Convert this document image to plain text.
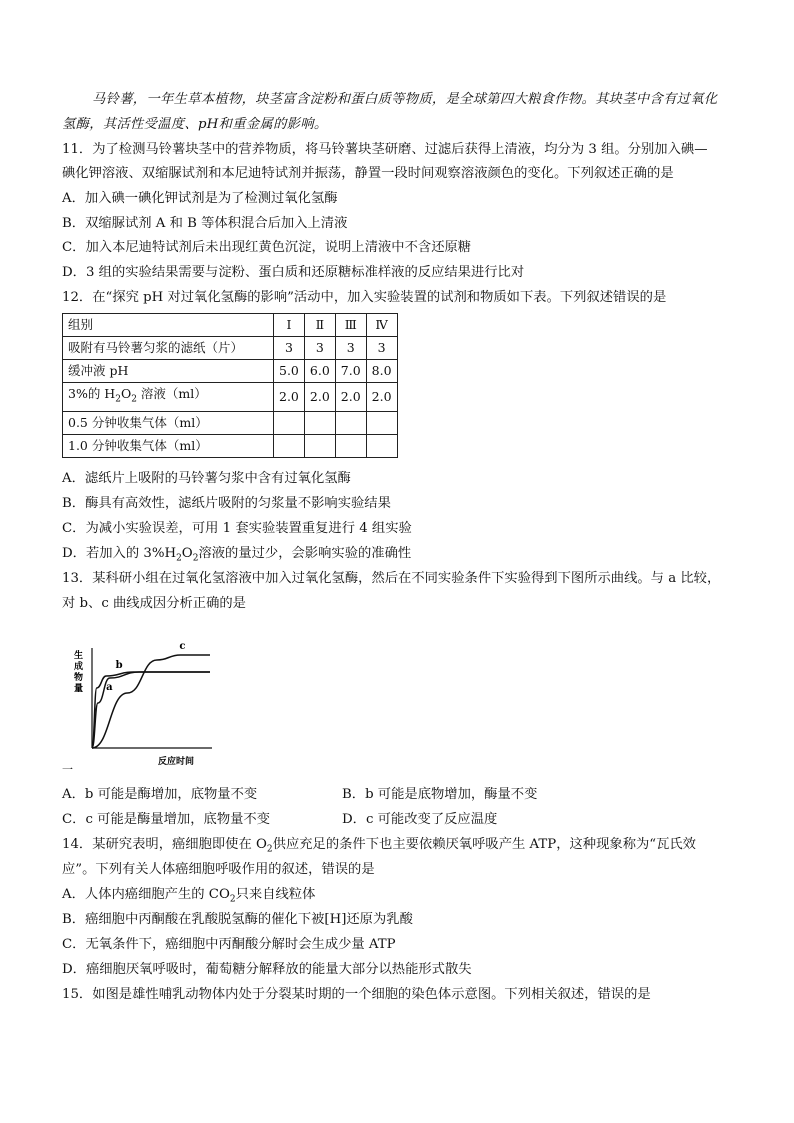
马铃薯，一年生草本植物，块茎富含淀粉和蛋白质等物质，是全球第四大粮食作物。其块茎中含有过氧化
氢酶，其活性受温度、pH和重金属的影响。
11．为了检测马铃薯块茎中的营养物质，将马铃薯块茎研磨、过滤后获得上清液，均分为 3 组。分别加入碘—
碘化钾溶液、双缩脲试剂和本尼迪特试剂并振荡，静置一段时间观察溶液颜色的变化。下列叙述正确的是
A．加入碘一碘化钾试剂是为了检测过氧化氢酶
B．双缩脲试剂 A 和 B 等体积混合后加入上清液
C．加入本尼迪特试剂后未出现红黄色沉淀，说明上清液中不含还原糖
D．3 组的实验结果需要与淀粉、蛋白质和还原糖标准样液的反应结果进行比对
12．在“探究 pH 对过氧化氢酶的影响”活动中，加入实验装置的试剂和物质如下表。下列叙述错误的是
组别	Ⅰ	Ⅱ	Ⅲ	Ⅳ
吸附有马铃薯匀浆的滤纸（片）	3	3	3	3
缓冲液 pH	5.0	6.0	7.0	8.0
3%的 $H_2O_2$ 溶液（ml）	2.0	2.0	2.0	2.0
0.5 分钟收集气体（ml）				
1.0 分钟收集气体（ml）				
A．滤纸片上吸附的马铃薯匀浆中含有过氧化氢酶
B．酶具有高效性，滤纸片吸附的匀浆量不影响实验结果
C．为减小实验误差，可用 1 套实验装置重复进行 4 组实验
D．若加入的 $3\%H_2O_2$溶液的量过少，会影响实验的准确性
13．某科研小组在过氧化氢溶液中加入过氧化氢酶，然后在不同实验条件下实验得到下图所示曲线。与 a 比较，
对 b、c 曲线成因分析正确的是
生
成
物
量
反应时间
a
b
c
一
A．b 可能是酶增加，底物量不变	B．b 可能是底物增加，酶量不变
C．c 可能是酶量增加，底物量不变	D．c 可能改变了反应温度
14．某研究表明，癌细胞即使在 $O_2$供应充足的条件下也主要依赖厌氧呼吸产生 ATP，这种现象称为“瓦氏效
应”。下列有关人体癌细胞呼吸作用的叙述，错误的是
A．人体内癌细胞产生的 $CO_2$只来自线粒体
B．癌细胞中丙酮酸在乳酸脱氢酶的催化下被[H]还原为乳酸
C．无氧条件下，癌细胞中丙酮酸分解时会生成少量 ATP
D．癌细胞厌氧呼吸时，葡萄糖分解释放的能量大部分以热能形式散失
15．如图是雄性哺乳动物体内处于分裂某时期的一个细胞的染色体示意图。下列相关叙述，错误的是
